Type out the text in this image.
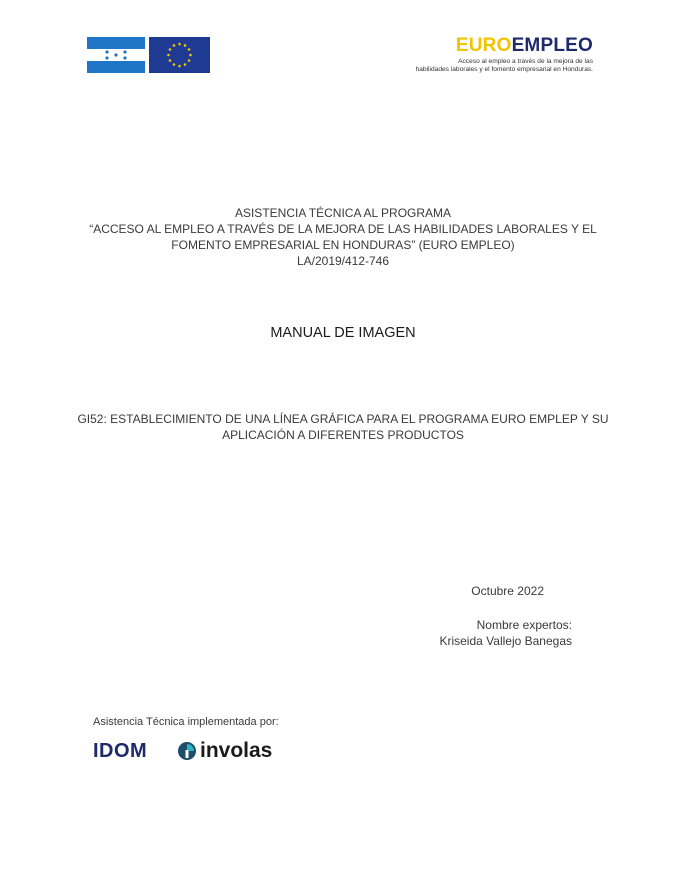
EUROEMPLEO
Acceso al empleo a través de la mejora de las
habilidades laborales y el fomento empresarial en Honduras.
ASISTENCIA TÉCNICA AL PROGRAMA
“ACCESO AL EMPLEO A TRAVÉS DE LA MEJORA DE LAS HABILIDADES LABORALES Y EL
FOMENTO EMPRESARIAL EN HONDURAS” (EURO EMPLEO)
LA/2019/412-746
MANUAL DE IMAGEN
GI52: ESTABLECIMIENTO DE UNA LÍNEA GRÁFICA PARA EL PROGRAMA EURO EMPLEP Y SU
APLICACIÓN A DIFERENTES PRODUCTOS
Octubre 2022
Nombre expertos:
Kriseida Vallejo Banegas
Asistencia Técnica implementada por:
IDOM	involas
